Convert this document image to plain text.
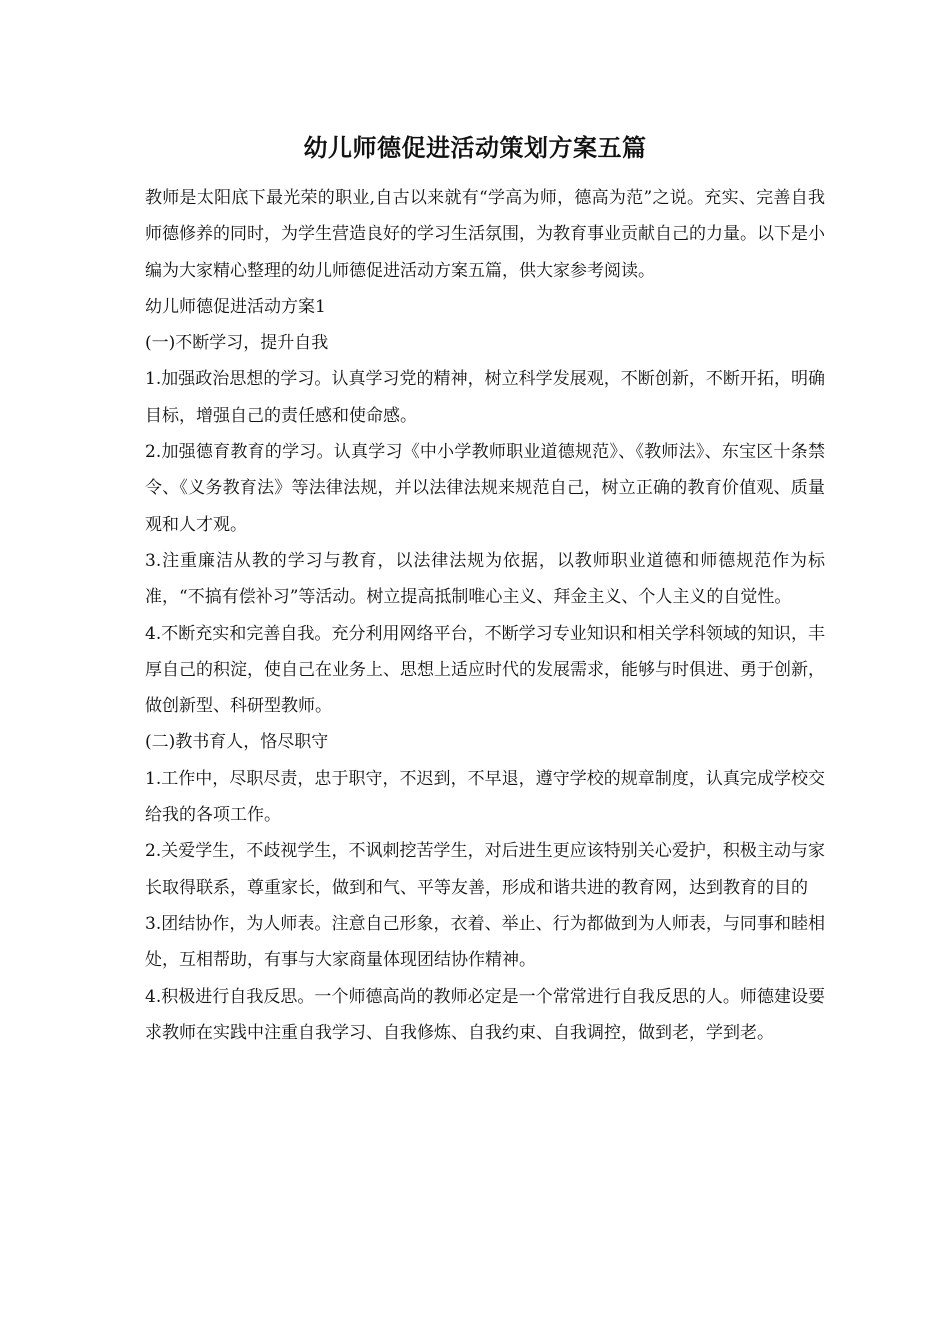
幼儿师德促进活动策划方案五篇

教师是太阳底下最光荣的职业,自古以来就有“学高为师，德高为范”之说。充实、完善自我师德修养的同时，为学生营造良好的学习生活氛围，为教育事业贡献自己的力量。以下是小编为大家精心整理的幼儿师德促进活动方案五篇，供大家参考阅读。

幼儿师德促进活动方案1

(一)不断学习，提升自我

1.加强政治思想的学习。认真学习党的精神，树立科学发展观，不断创新，不断开拓，明确目标，增强自己的责任感和使命感。

2.加强德育教育的学习。认真学习《中小学教师职业道德规范》、《教师法》、东宝区十条禁令、《义务教育法》等法律法规，并以法律法规来规范自己，树立正确的教育价值观、质量观和人才观。

3.注重廉洁从教的学习与教育，以法律法规为依据，以教师职业道德和师德规范作为标准，“不搞有偿补习”等活动。树立提高抵制唯心主义、拜金主义、个人主义的自觉性。

4.不断充实和完善自我。充分利用网络平台，不断学习专业知识和相关学科领域的知识，丰厚自己的积淀，使自己在业务上、思想上适应时代的发展需求，能够与时俱进、勇于创新，做创新型、科研型教师。

(二)教书育人，恪尽职守

1.工作中，尽职尽责，忠于职守，不迟到，不早退，遵守学校的规章制度，认真完成学校交给我的各项工作。

2.关爱学生，不歧视学生，不讽刺挖苦学生，对后进生更应该特别关心爱护，积极主动与家长取得联系，尊重家长，做到和气、平等友善，形成和谐共进的教育网，达到教育的目的

3.团结协作，为人师表。注意自己形象，衣着、举止、行为都做到为人师表，与同事和睦相处，互相帮助，有事与大家商量体现团结协作精神。

4.积极进行自我反思。一个师德高尚的教师必定是一个常常进行自我反思的人。师德建设要求教师在实践中注重自我学习、自我修炼、自我约束、自我调控，做到老，学到老。
